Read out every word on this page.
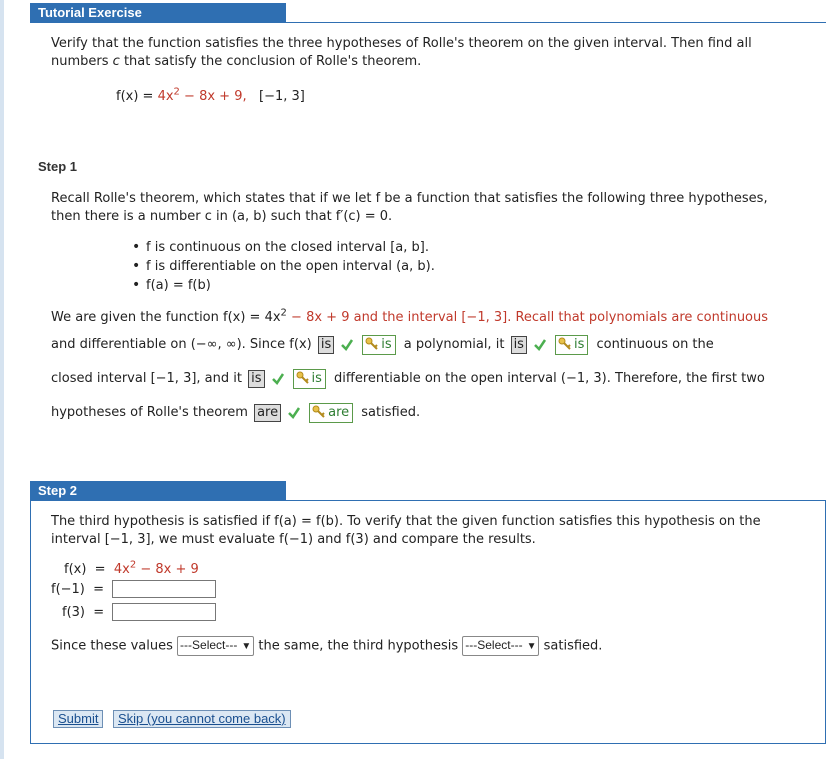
Tutorial Exercise

Verify that the function satisfies the three hypotheses of Rolle's theorem on the given interval. Then find all

numbers c that satisfy the conclusion of Rolle's theorem.

$f(x) = 4x^2 - 8x + 9$, [−1, 3]

Step 1

Recall Rolle's theorem, which states that if we let f be a function that satisfies the following three hypotheses,

then there is a number c in (a, b) such that f′(c) = 0.

• f is continuous on the closed interval [a, b].
• f is differentiable on the open interval (a, b).
• f(a) = f(b)

We are given the function $f(x) = 4x^2 - 8x + 9$ and the interval [−1, 3]. Recall that polynomials are continuous

and differentiable on (−∞, ∞). Since f(x) is	is a polynomial, it is	is continuous on the

closed interval [−1, 3], and it is	is differentiable on the open interval (−1, 3). Therefore, the first two

hypotheses of Rolle's theorem are	are satisfied.

Step 2

The third hypothesis is satisfied if f(a) = f(b). To verify that the given function satisfies this hypothesis on the

interval [−1, 3], we must evaluate f(−1) and f(3) and compare the results.

$f(x) = 4x^2 - 8x + 9$

f(−1)  =

f(3)  =

Since these values ---Select--- ▼ the same, the third hypothesis ---Select--- ▼ satisfied.

Submit	Skip (you cannot come back)
